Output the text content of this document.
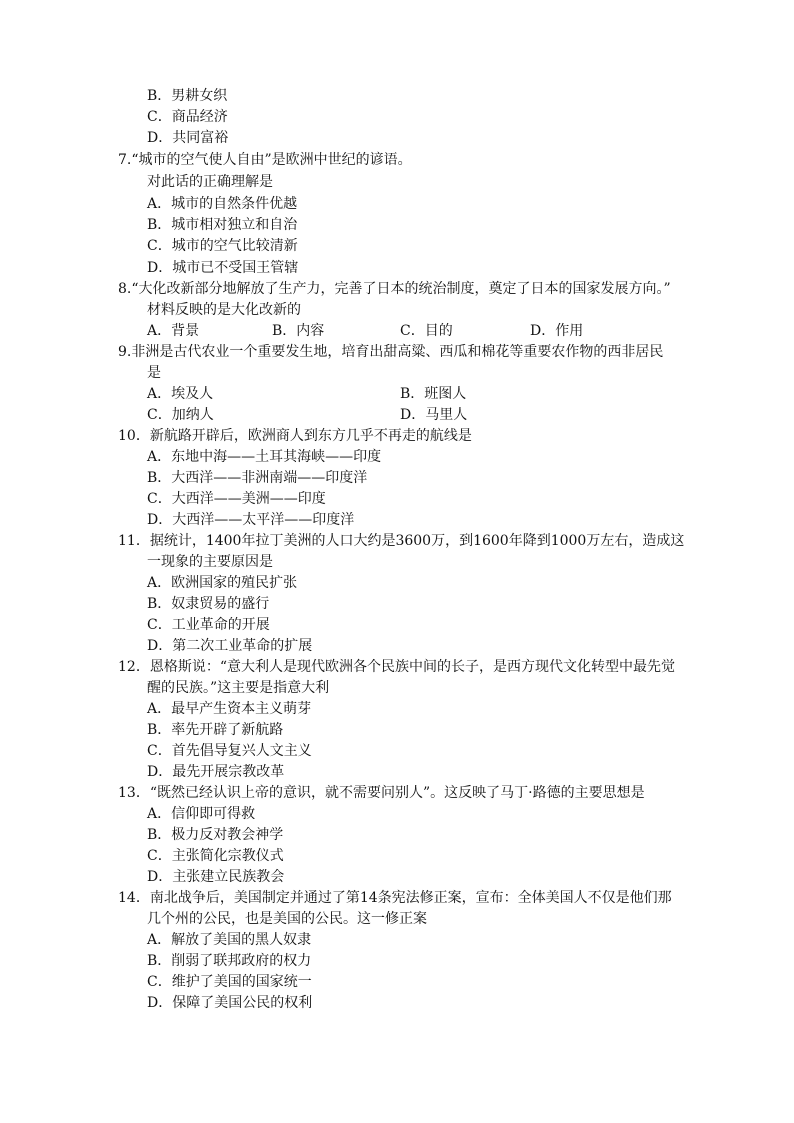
B．男耕女织
C．商品经济
D．共同富裕
7.“城市的空气使人自由”是欧洲中世纪的谚语。
对此话的正确理解是
A．城市的自然条件优越
B．城市相对独立和自治
C．城市的空气比较清新
D．城市已不受国王管辖
8.“大化改新部分地解放了生产力，完善了日本的统治制度，奠定了日本的国家发展方向。”
材料反映的是大化改新的
A．背景	B．内容	C．目的	D．作用
9.非洲是古代农业一个重要发生地，培育出甜高粱、西瓜和棉花等重要农作物的西非居民
是
A．埃及人	B．班图人
C．加纳人	D．马里人
10．新航路开辟后，欧洲商人到东方几乎不再走的航线是
A．东地中海——土耳其海峡——印度
B．大西洋——非洲南端——印度洋
C．大西洋——美洲——印度
D．大西洋——太平洋——印度洋
11．据统计，1400年拉丁美洲的人口大约是3600万，到1600年降到1000万左右，造成这
一现象的主要原因是
A．欧洲国家的殖民扩张
B．奴隶贸易的盛行
C．工业革命的开展
D．第二次工业革命的扩展
12．恩格斯说：“意大利人是现代欧洲各个民族中间的长子，是西方现代文化转型中最先觉
醒的民族。”这主要是指意大利
A．最早产生资本主义萌芽
B．率先开辟了新航路
C．首先倡导复兴人文主义
D．最先开展宗教改革
13．“既然已经认识上帝的意识，就不需要问别人”。这反映了马丁·路德的主要思想是
A．信仰即可得救
B．极力反对教会神学
C．主张简化宗教仪式
D．主张建立民族教会
14．南北战争后，美国制定并通过了第14条宪法修正案，宣布：全体美国人不仅是他们那
几个州的公民，也是美国的公民。这一修正案
A．解放了美国的黑人奴隶
B．削弱了联邦政府的权力
C．维护了美国的国家统一
D．保障了美国公民的权利
